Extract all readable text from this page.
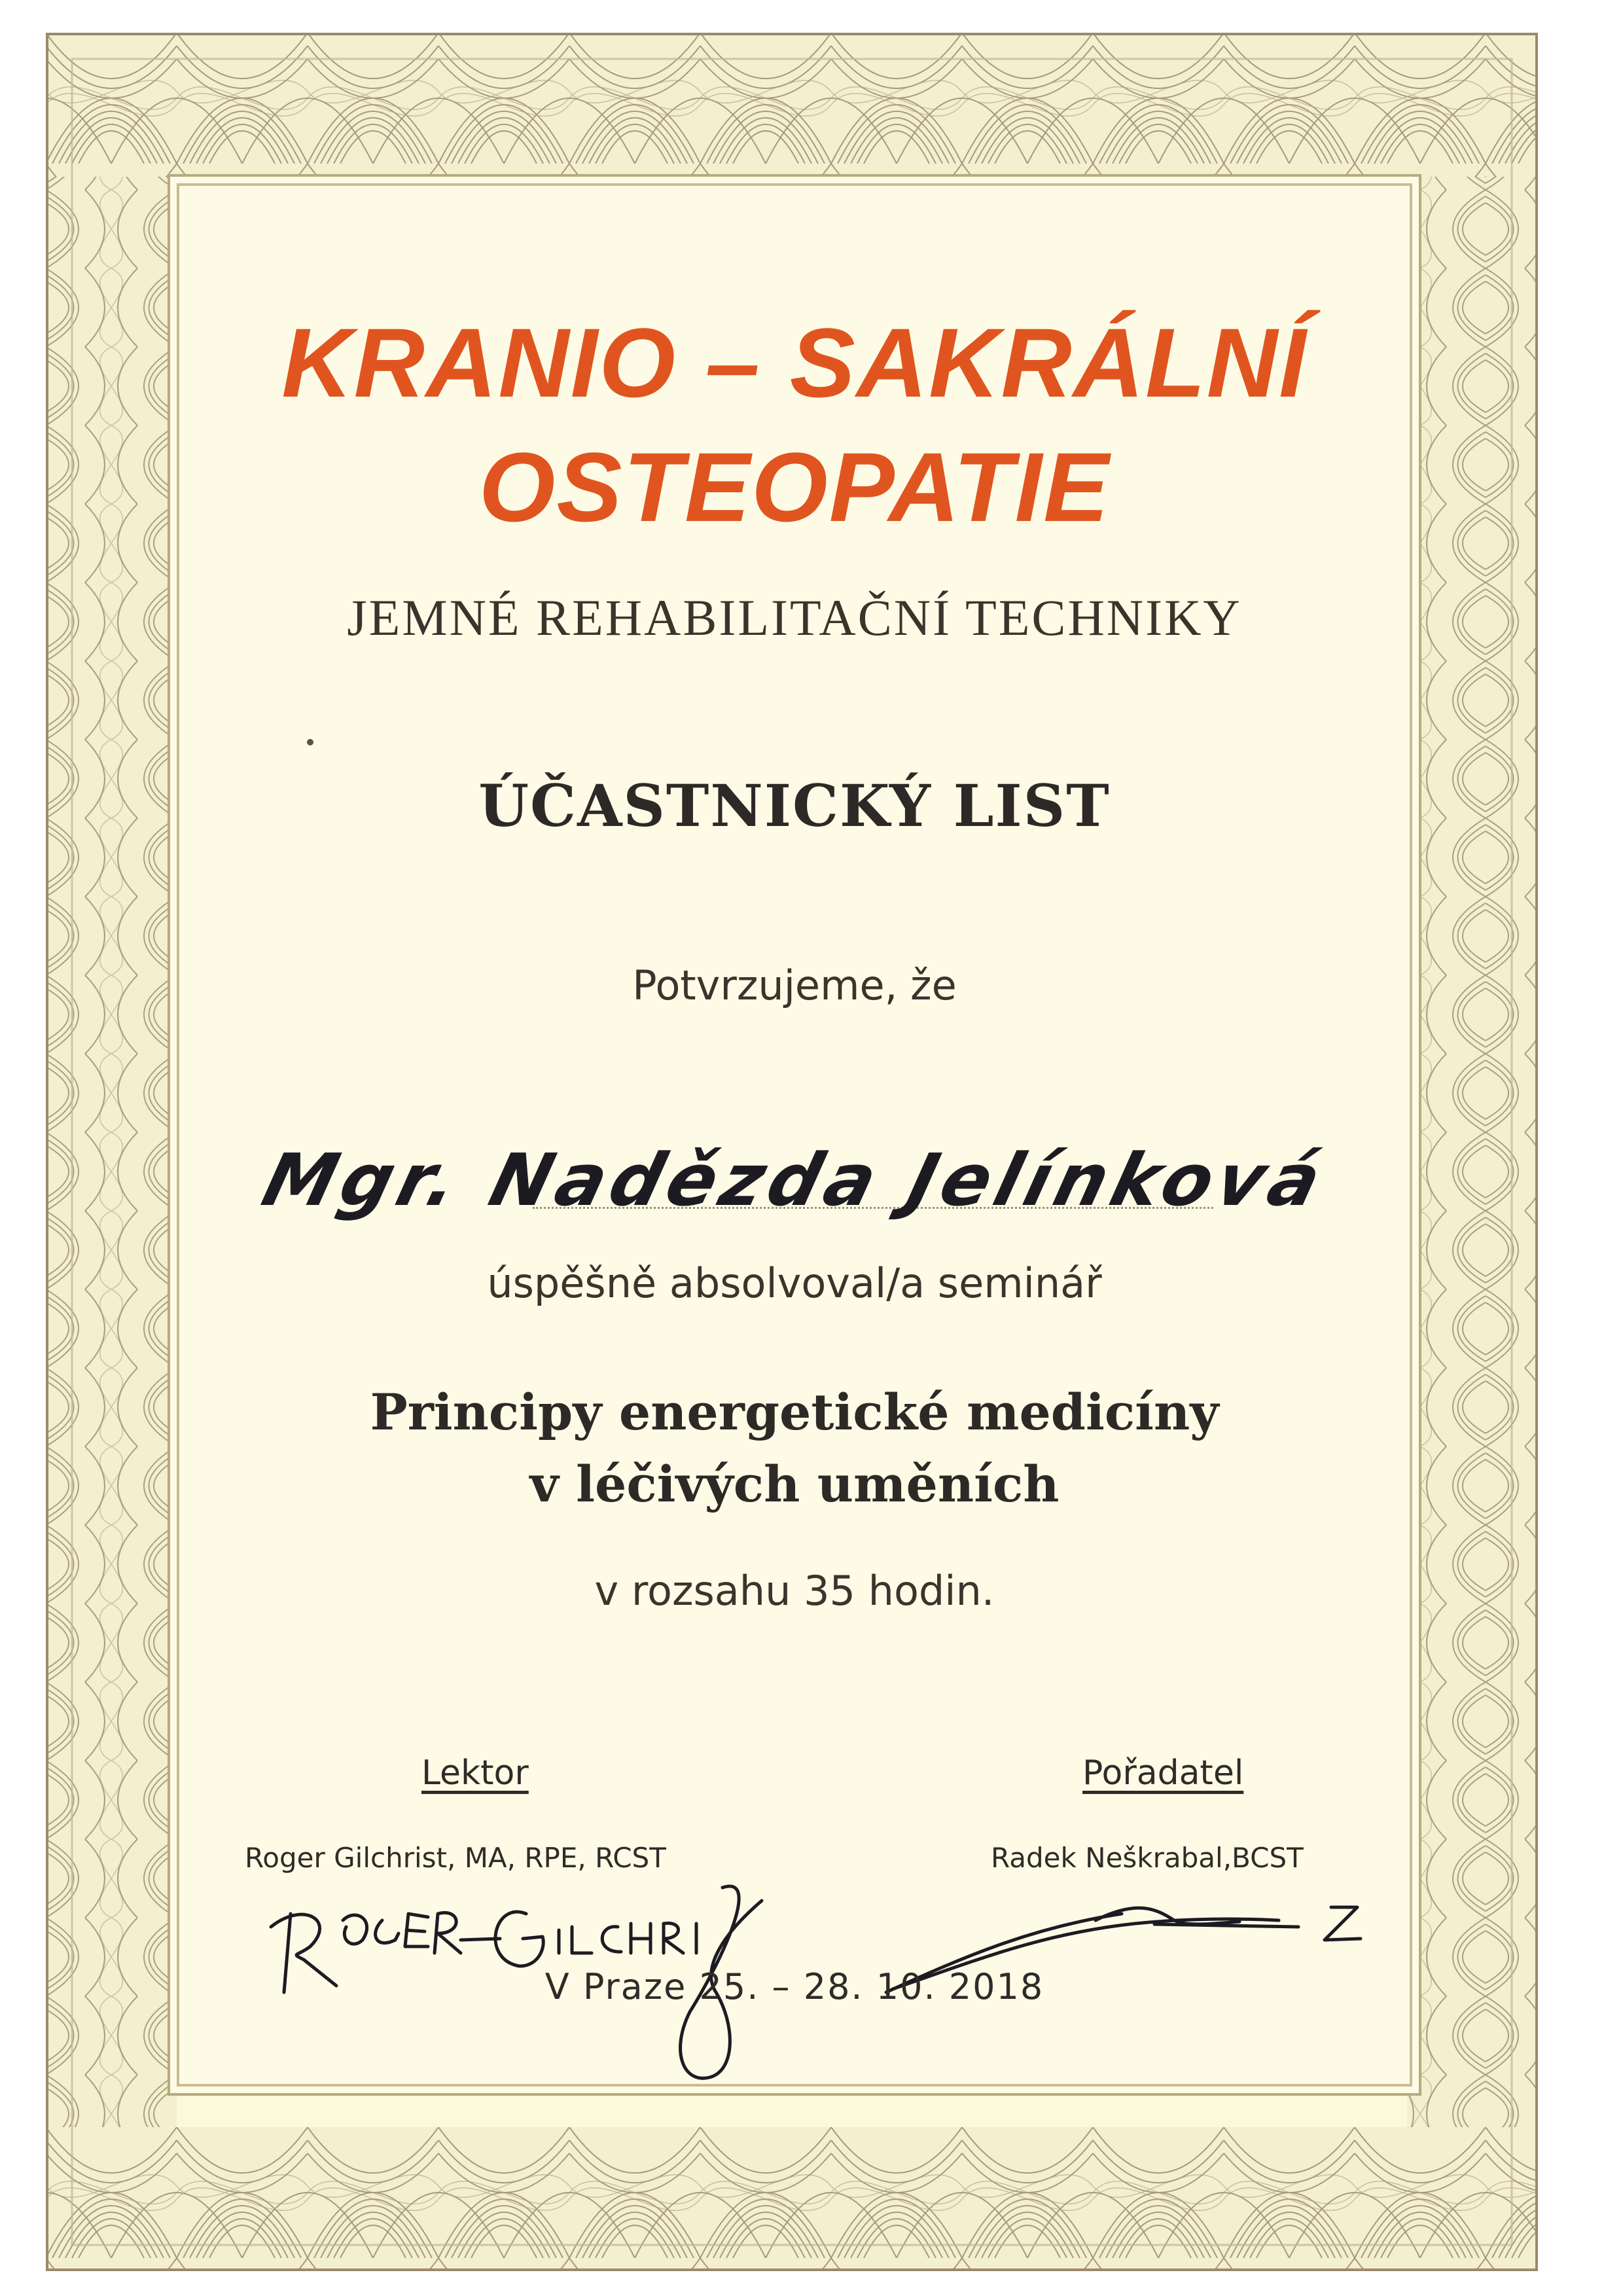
KRANIO – SAKRÁLNÍ
OSTEOPATIE
JEMNÉ REHABILITAČNÍ TECHNIKY
ÚČASTNICKÝ LIST
Potvrzujeme, že
Mgr. Nadězda Jelínková
úspěšně absolvoval/a seminář
Principy energetické medicíny
v léčivých uměních
v rozsahu 35 hodin.
Lektor	Pořadatel
Roger Gilchrist, MA, RPE, RCST	Radek Neškrabal,BCST
V Praze 25. – 28. 10. 2018
